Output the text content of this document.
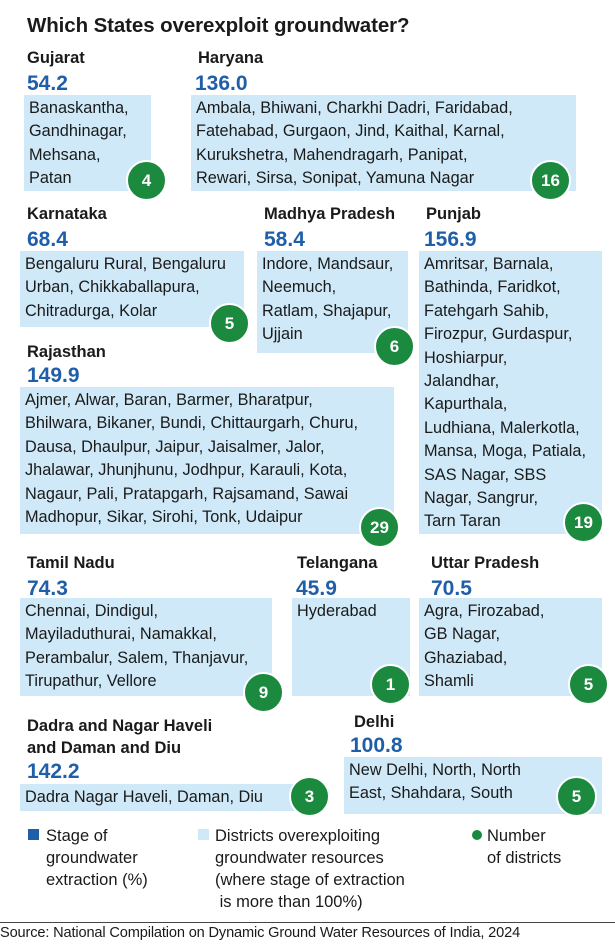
Which States overexploit groundwater?
Banaskantha,
Gandhinagar,
Mehsana,
Patan
Gujarat
54.2
4
Ambala, Bhiwani, Charkhi Dadri, Faridabad,
Fatehabad, Gurgaon, Jind, Kaithal, Karnal,
Kurukshetra, Mahendragarh, Panipat,
Rewari, Sirsa, Sonipat, Yamuna Nagar
Haryana
136.0
16
Bengaluru Rural, Bengaluru
Urban, Chikkaballapura,
Chitradurga, Kolar
Karnataka
68.4
5
Indore, Mandsaur,
Neemuch,
Ratlam, Shajapur,
Ujjain
Madhya Pradesh
58.4
6
Amritsar, Barnala,
Bathinda, Faridkot,
Fatehgarh Sahib,
Firozpur, Gurdaspur,
Hoshiarpur,
Jalandhar,
Kapurthala,
Ludhiana, Malerkotla,
Mansa, Moga, Patiala,
SAS Nagar, SBS
Nagar, Sangrur,
Tarn Taran
Punjab
156.9
19
Ajmer, Alwar, Baran, Barmer, Bharatpur,
Bhilwara, Bikaner, Bundi, Chittaurgarh, Churu,
Dausa, Dhaulpur, Jaipur, Jaisalmer, Jalor,
Jhalawar, Jhunjhunu, Jodhpur, Karauli, Kota,
Nagaur, Pali, Pratapgarh, Rajsamand, Sawai
Madhopur, Sikar, Sirohi, Tonk, Udaipur
Rajasthan
149.9
29
Chennai, Dindigul,
Mayiladuthurai, Namakkal,
Perambalur, Salem, Thanjavur,
Tirupathur, Vellore
Tamil Nadu
74.3
9
Hyderabad
Telangana
45.9
1
Agra, Firozabad,
GB Nagar,
Ghaziabad,
Shamli
Uttar Pradesh
70.5
5
Dadra Nagar Haveli, Daman, Diu
Dadra and Nagar Haveli
and Daman and Diu
142.2
3
New Delhi, North, North
East, Shahdara, South
Delhi
100.8
5
Stage of
groundwater
extraction (%)
Districts overexploiting
groundwater resources
(where stage of extraction
is more than 100%)
Number
of districts
Source: National Compilation on Dynamic Ground Water Resources of India, 2024
